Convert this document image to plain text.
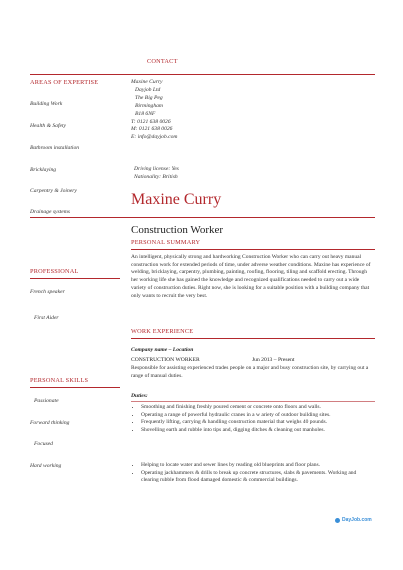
CONTACT
Maxine Curry
Dayjob Ltd
The Big Peg
Birmingham
B18 6NF
T: 0121 638 0026
M: 0121 638 0026
E: info@dayjob.com
AREAS OF EXPERTISE
Building Work
Health & Safety
Bathroom installation
Bricklaying
Carpentry & Joinery
Drainage systems
Driving license: Yes
Nationality: British
Maxine Curry
Construction Worker
PERSONAL SUMMARY
An intelligent, physically strong and hardworking Construction Worker who can carry out heavy manual construction work for extended periods of time, under adverse weather conditions. Maxine has experience of welding, bricklaying, carpentry, plumbing, painting, roofing, flooring, tiling and scaffold erecting. Through her working life she has gained the knowledge and recognized qualifications needed to carry out a wide variety of construction duties. Right now, she is looking for a suitable position with a building company that only wants to recruit the very best.
PROFESSIONAL
French speaker
First Aider
WORK EXPERIENCE
Company name – Location
CONSTRUCTION WORKER	Jun 2013 – Present
Responsible for assisting experienced trades people on a major and busy construction site, by carrying out a range of manual duties.
PERSONAL SKILLS
Passionate
Forward thinking
Focused
Hard working
Duties:
• Smoothing and finishing freshly poured cement or concrete onto floors and walls.
• Operating a range of powerful hydraulic cranes in a w ariety of outdoor building sites.
• Frequently lifting, carrying & handling construction material that weighs 40 pounds.
• Shovelling earth and rubble into tips and, digging ditches & cleaning out manholes.
• Helping to locate water and sewer lines by reading old blueprints and floor plans.
• Operating jackhammers & drills to break up concrete structures, slabs & pavements. Working and clearing rubble from flood damaged domestic & commercial buildings.
DayJob.com
